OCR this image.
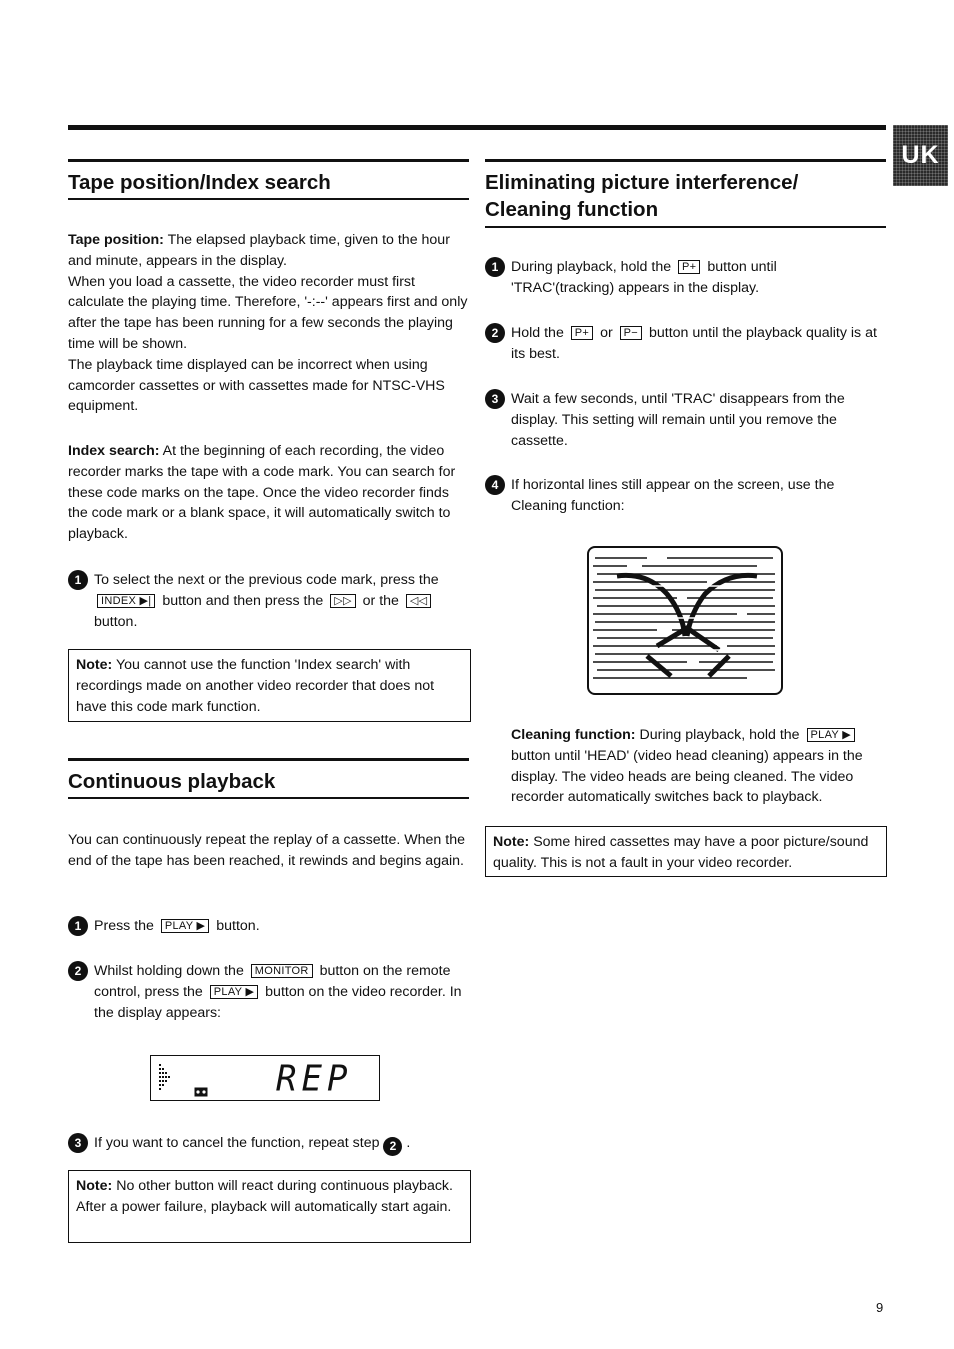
UK
Tape position/Index search
Tape position: The elapsed playback time, given to the hour and minute, appears in the display.
When you load a cassette, the video recorder must first calculate the playing time. Therefore, '-:--' appears first and only after the tape has been running for a few seconds the playing time will be shown.
The playback time displayed can be incorrect when using camcorder cassettes or with cassettes made for NTSC-VHS equipment.
Index search: At the beginning of each recording, the video recorder marks the tape with a code mark. You can search for these code marks on the tape. Once the video recorder finds the code mark or a blank space, it will automatically switch to playback.
1 To select the next or the previous code mark, press the INDEX ▶| button and then press the ▷▷ or the ◁◁ button.
Note: You cannot use the function 'Index search' with recordings made on another video recorder that does not have this code mark function.
Continuous playback
You can continuously repeat the replay of a cassette. When the end of the tape has been reached, it rewinds and begins again.
1 Press the PLAY ▶ button.
2 Whilst holding down the MONITOR button on the remote control, press the PLAY ▶ button on the video recorder. In the display appears:
REP
3 If you want to cancel the function, repeat step 2 .
Note: No other button will react during continuous playback. After a power failure, playback will automatically start again.
Eliminating picture interference/
Cleaning function
1 During playback, hold the P+ button until 'TRAC'(tracking) appears in the display.
2 Hold the P+ or P− button until the playback quality is at its best.
3 Wait a few seconds, until 'TRAC' disappears from the display. This setting will remain until you remove the cassette.
4 If horizontal lines still appear on the screen, use the Cleaning function:
Cleaning function: During playback, hold the PLAY ▶ button until 'HEAD' (video head cleaning) appears in the display. The video heads are being cleaned. The video recorder automatically switches back to playback.
Note: Some hired cassettes may have a poor picture/sound quality. This is not a fault in your video recorder.
9
